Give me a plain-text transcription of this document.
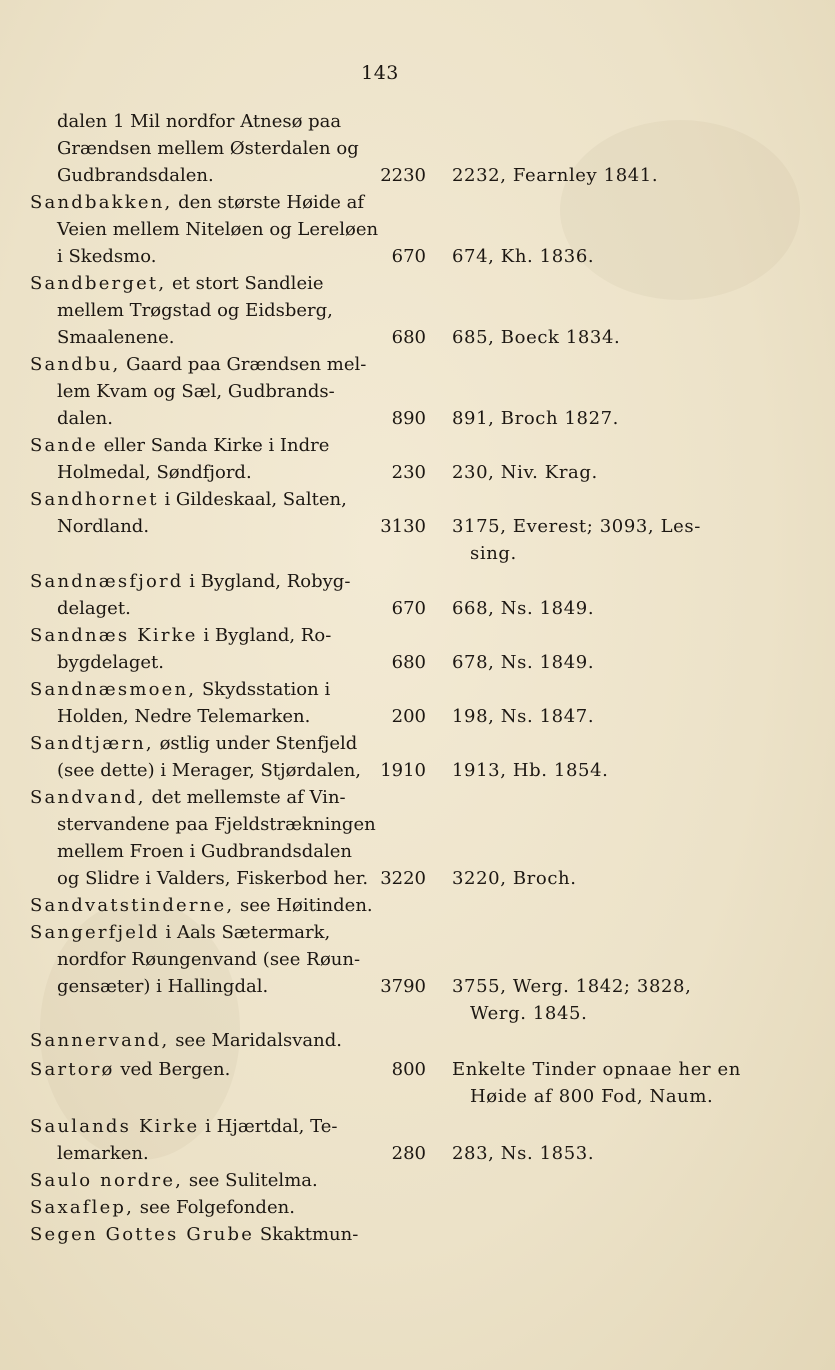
143
dalen 1 Mil nordfor Atnesø paa
Grændsen mellem Østerdalen og
Gudbrandsdalen.	2230 2232, Fearnley 1841.
Sandbakken, den største Høide af
Veien mellem Niteløen og Lereløen
i Skedsmo.	670 674, Kh. 1836.
Sandberget, et stort Sandleie
mellem Trøgstad og Eidsberg,
Smaalenene.	680 685, Boeck 1834.
Sandbu, Gaard paa Grændsen mel-
lem Kvam og Sæl, Gudbrands-
dalen.	890 891, Broch 1827.
Sande eller Sanda Kirke i Indre
Holmedal, Søndfjord.	230 230, Niv. Krag.
Sandhornet i Gildeskaal, Salten,
Nordland.	3130 3175, Everest; 3093, Les-
sing.
Sandnæsfjord i Bygland, Robyg-
delaget.	670 668, Ns. 1849.
Sandnæs Kirke i Bygland, Ro-
bygdelaget.	680 678, Ns. 1849.
Sandnæsmoen, Skydsstation i
Holden, Nedre Telemarken.	200 198, Ns. 1847.
Sandtjærn, østlig under Stenfjeld
(see dette) i Merager, Stjørdalen,	1910 1913, Hb. 1854.
Sandvand, det mellemste af Vin-
stervandene paa Fjeldstrækningen
mellem Froen i Gudbrandsdalen
og Slidre i Valders, Fiskerbod her. 3220 3220, Broch.
Sandvatstinderne, see Høitinden.
Sangerfjeld i Aals Sætermark,
nordfor Røungenvand (see Røun-
gensæter) i Hallingdal.	3790 3755, Werg. 1842; 3828,
Werg. 1845.
Sannervand, see Maridalsvand.
Sartorø ved Bergen.	800 Enkelte Tinder opnaae her en
Høide af 800 Fod, Naum.
Saulands Kirke i Hjærtdal, Te-
lemarken.	280 283, Ns. 1853.
Saulo nordre, see Sulitelma.
Saxaflep, see Folgefonden.
Segen Gottes Grube Skaktmun-
